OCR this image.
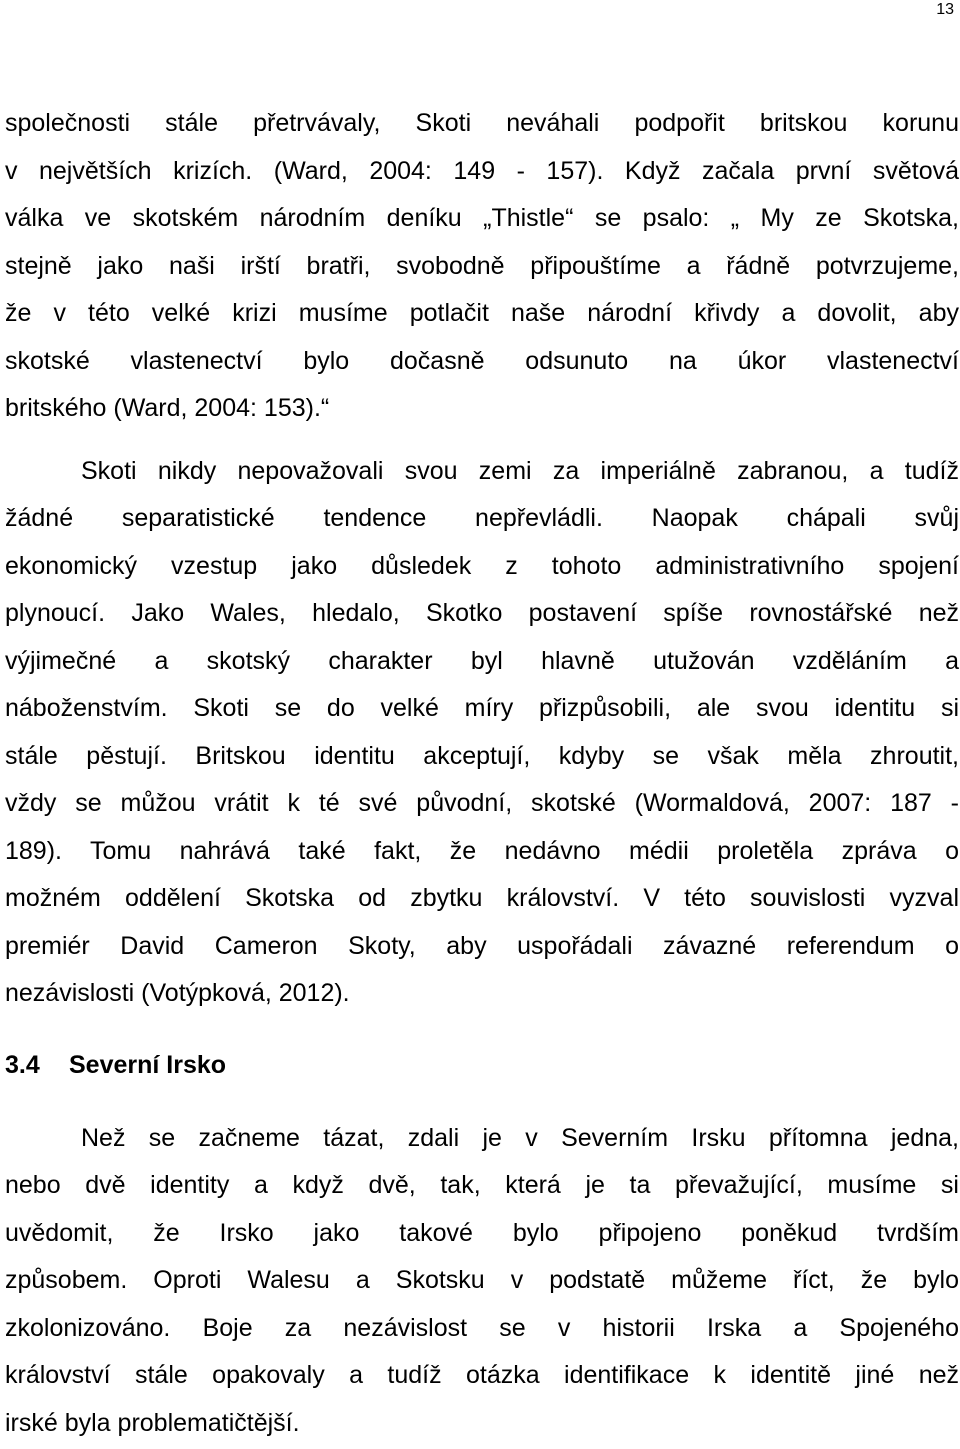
13
společnosti stále přetrvávaly, Skoti neváhali podpořit britskou korunu
v největších krizích. (Ward, 2004: 149 - 157). Když začala první světová
válka ve skotském národním deníku „Thistle“ se psalo: „ My ze Skotska,
stejně jako naši irští bratři, svobodně připouštíme a řádně potvrzujeme,
že v této velké krizi musíme potlačit naše národní křivdy a dovolit, aby
skotské vlastenectví bylo dočasně odsunuto na úkor vlastenectví
britského (Ward, 2004: 153).“
Skoti nikdy nepovažovali svou zemi za imperiálně zabranou, a tudíž
žádné separatistické tendence nepřevládli. Naopak chápali svůj
ekonomický vzestup jako důsledek z tohoto administrativního spojení
plynoucí. Jako Wales, hledalo, Skotko postavení spíše rovnostářské než
výjimečné a skotský charakter byl hlavně utužován vzděláním a
náboženstvím. Skoti se do velké míry přizpůsobili, ale svou identitu si
stále pěstují. Britskou identitu akceptují, kdyby se však měla zhroutit,
vždy se můžou vrátit k té své původní, skotské (Wormaldová, 2007: 187 -
189). Tomu nahrává také fakt, že nedávno médii proletěla zpráva o
možném oddělení Skotska od zbytku království. V této souvislosti vyzval
premiér David Cameron Skoty, aby uspořádali závazné referendum o
nezávislosti (Votýpková, 2012).
3.4 Severní Irsko
Než se začneme tázat, zdali je v Severním Irsku přítomna jedna,
nebo dvě identity a když dvě, tak, která je ta převažující, musíme si
uvědomit, že Irsko jako takové bylo připojeno poněkud tvrdším
způsobem. Oproti Walesu a Skotsku v podstatě můžeme říct, že bylo
zkolonizováno. Boje za nezávislost se v historii Irska a Spojeného
království stále opakovaly a tudíž otázka identifikace k identitě jiné než
irské byla problematičtější.
